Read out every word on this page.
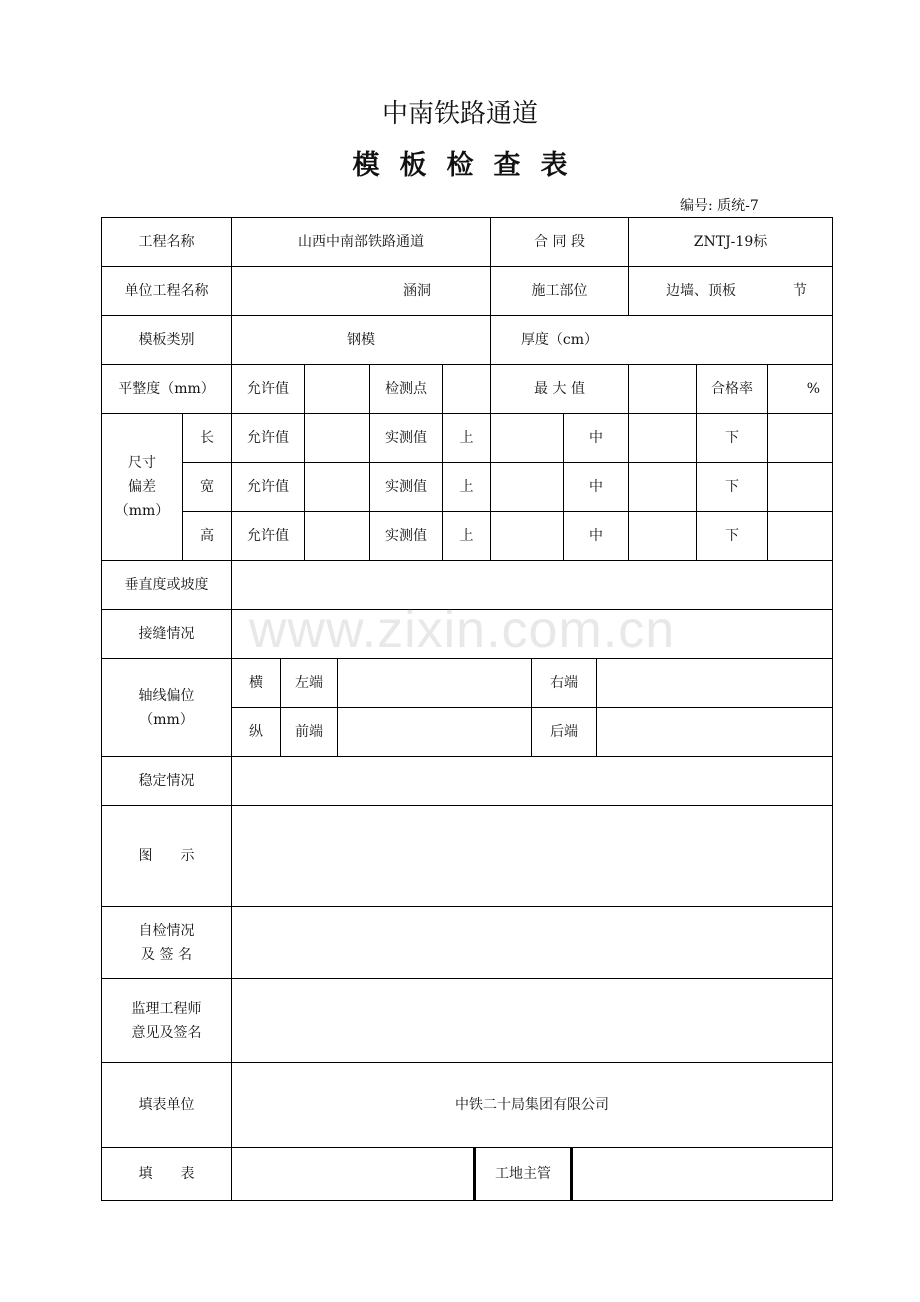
中南铁路通道
模板检查表
编号: 质统-7
www.zixin.com.cn
工程名称	山西中南部铁路通道	合 同 段	ZNTJ-19标
单位工程名称	涵洞	施工部位	边墙、顶板	节
模板类别	钢模	厚度（cm）
平整度（mm）	允许值	检测点	最 大 值	合格率	%
尺寸
偏差
（mm）
长	允许值	实测值	上	中	下
宽	允许值	实测值	上	中	下
高	允许值	实测值	上	中	下
垂直度或坡度
接缝情况
轴线偏位
（mm）
横	左端	右端
纵	前端	后端
稳定情况
图　　示
自检情况
及 签 名
监理工程师
意见及签名
填表单位	中铁二十局集团有限公司
填　　表	工地主管
